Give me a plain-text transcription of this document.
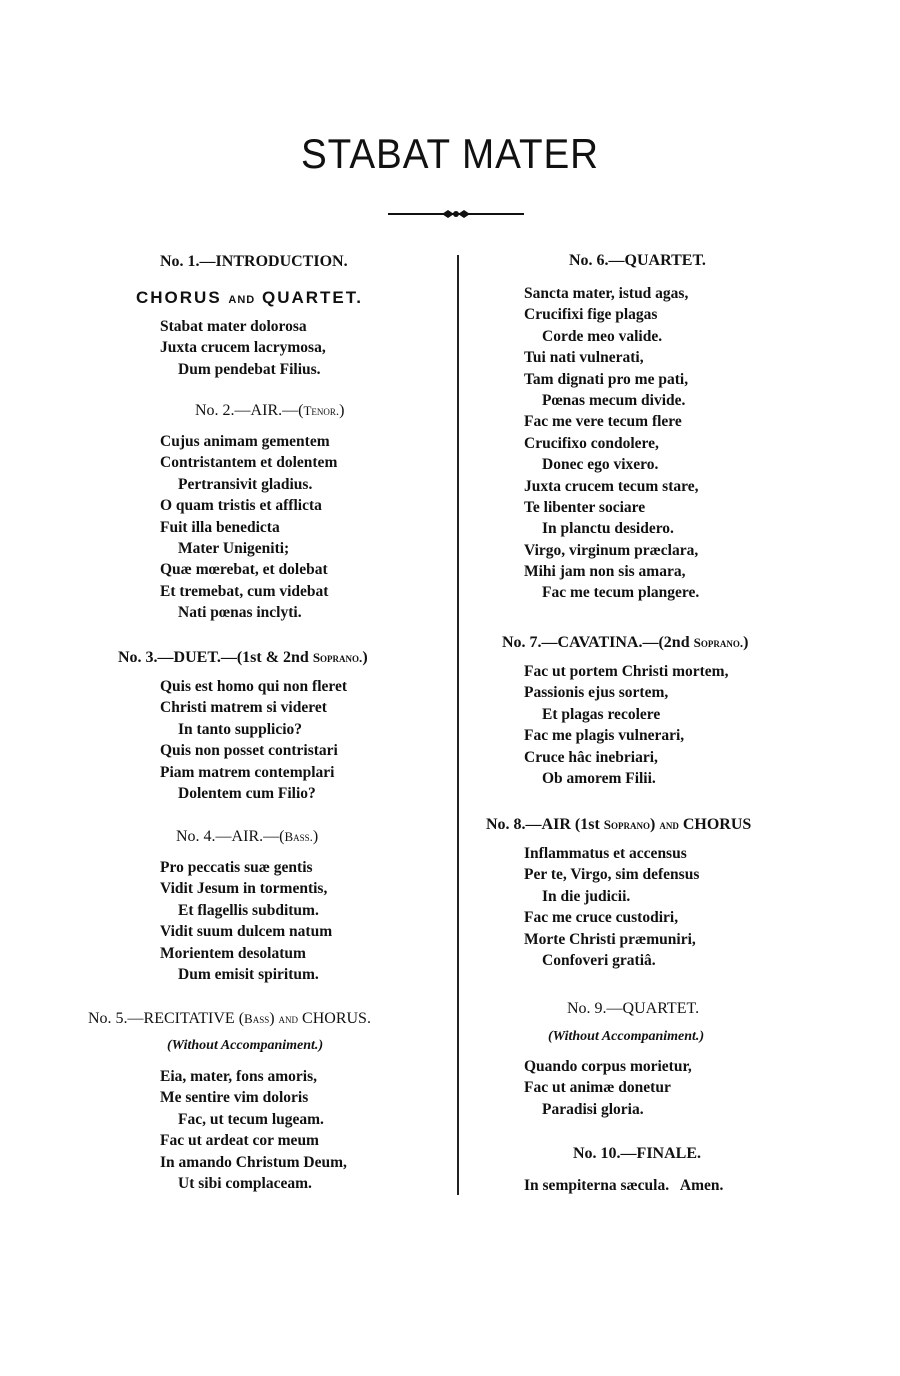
STABAT MATER
No. 1.—INTRODUCTION.
CHORUS AND QUARTET.
Stabat mater dolorosa
Juxta crucem lacrymosa,
Dum pendebat Filius.
No. 2.—AIR.—(Tenor.)
Cujus animam gementem
Contristantem et dolentem
Pertransivit gladius.
O quam tristis et afflicta
Fuit illa benedicta
Mater Unigeniti;
Quæ mœrebat, et dolebat
Et tremebat, cum videbat
Nati pœnas inclyti.
No. 3.—DUET.—(1st & 2nd Soprano.)
Quis est homo qui non fleret
Christi matrem si videret
In tanto supplicio?
Quis non posset contristari
Piam matrem contemplari
Dolentem cum Filio?
No. 4.—AIR.—(Bass.)
Pro peccatis suæ gentis
Vidit Jesum in tormentis,
Et flagellis subditum.
Vidit suum dulcem natum
Morientem desolatum
Dum emisit spiritum.
No. 5.—RECITATIVE (Bass) and CHORUS.
(Without Accompaniment.)
Eia, mater, fons amoris,
Me sentire vim doloris
Fac, ut tecum lugeam.
Fac ut ardeat cor meum
In amando Christum Deum,
Ut sibi complaceam.
No. 6.—QUARTET.
Sancta mater, istud agas,
Crucifixi fige plagas
Corde meo valide.
Tui nati vulnerati,
Tam dignati pro me pati,
Pœnas mecum divide.
Fac me vere tecum flere
Crucifixo condolere,
Donec ego vixero.
Juxta crucem tecum stare,
Te libenter sociare
In planctu desidero.
Virgo, virginum præclara,
Mihi jam non sis amara,
Fac me tecum plangere.
No. 7.—CAVATINA.—(2nd Soprano.)
Fac ut portem Christi mortem,
Passionis ejus sortem,
Et plagas recolere
Fac me plagis vulnerari,
Cruce hâc inebriari,
Ob amorem Filii.
No. 8.—AIR (1st Soprano) and CHORUS
Inflammatus et accensus
Per te, Virgo, sim defensus
In die judicii.
Fac me cruce custodiri,
Morte Christi præmuniri,
Confoveri gratiâ.
No. 9.—QUARTET.
(Without Accompaniment.)
Quando corpus morietur,
Fac ut animæ donetur
Paradisi gloria.
No. 10.—FINALE.
In sempiterna sæcula.   Amen.
